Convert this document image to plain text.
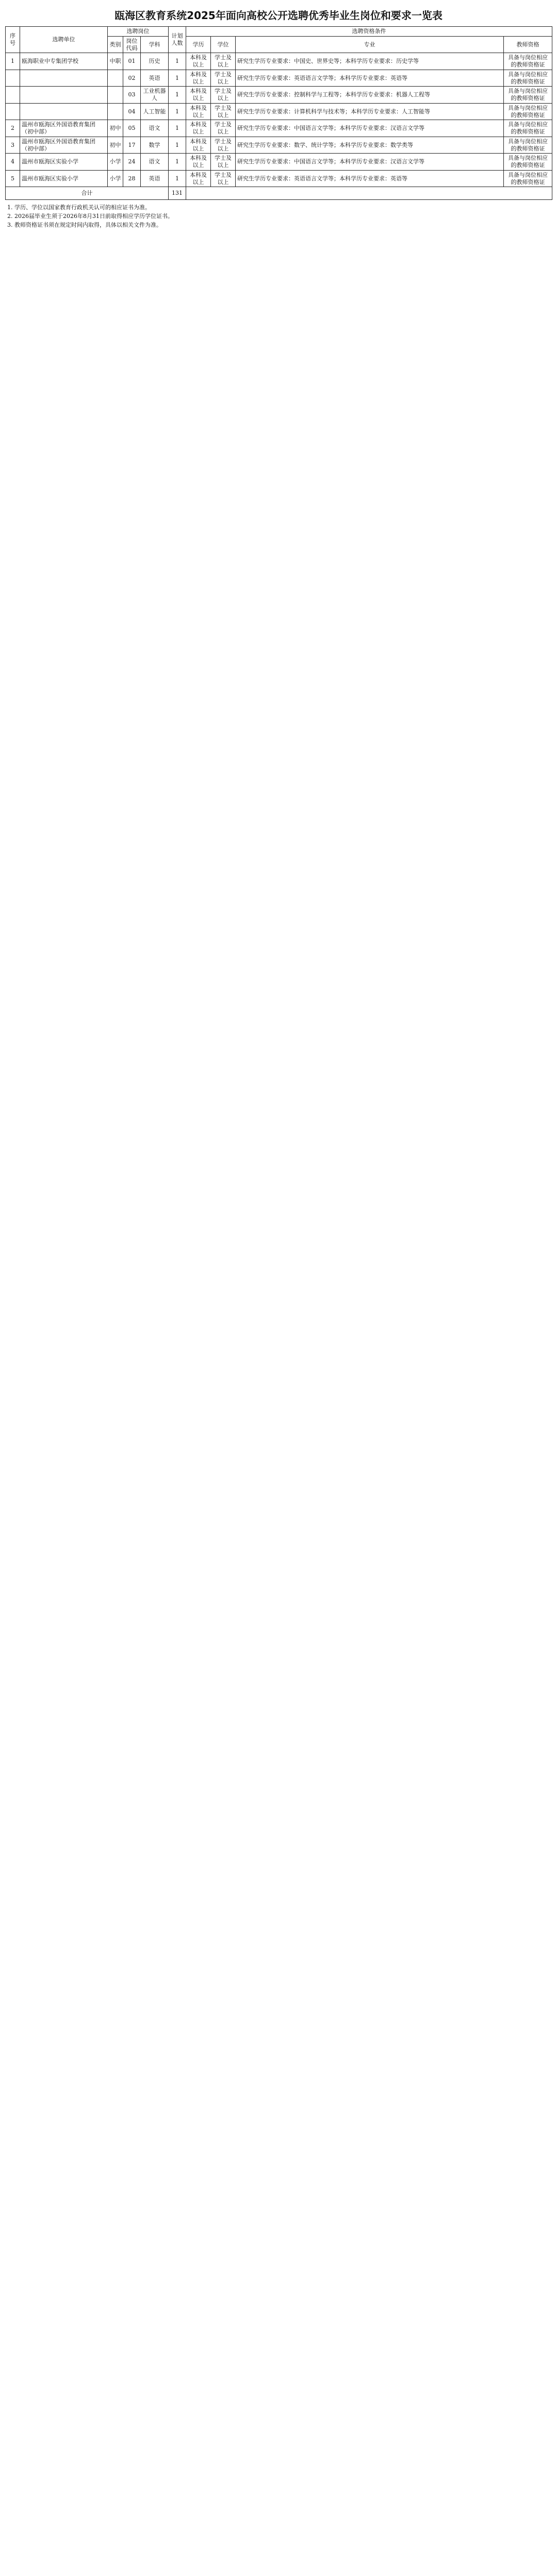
瓯海区教育系统2025年面向高校公开选聘优秀毕业生岗位和要求一览表
序号	选聘单位	选聘岗位			计划人数	选聘资格条件			
		类别	岗位代码	学科		学历	学位	专业	教师资格
1	瓯海职业中专集团学校	中职	01	历史	1	本科及以上	学士及以上	研究生学历专业要求：中国史、世界史等；本科学历专业要求：历史学等	具备与岗位相应的教师资格证
			02	英语	1	本科及以上	学士及以上	研究生学历专业要求：英语语言文学等；本科学历专业要求：英语等	具备与岗位相应的教师资格证
			03	工业机器人	1	本科及以上	学士及以上	研究生学历专业要求：控制科学与工程等；本科学历专业要求：机器人工程等	具备与岗位相应的教师资格证
			04	人工智能	1	本科及以上	学士及以上	研究生学历专业要求：计算机科学与技术等；本科学历专业要求：人工智能等	具备与岗位相应的教师资格证
2	温州市瓯海区外国语教育集团（初中部）	初中	05	语文	1	本科及以上	学士及以上	研究生学历专业要求：中国语言文学等；本科学历专业要求：汉语言文学等	具备与岗位相应的教师资格证
3	温州市瓯海区外国语教育集团（初中部）	初中	17	数学	1	本科及以上	学士及以上	研究生学历专业要求：数学、统计学等；本科学历专业要求：数学类等	具备与岗位相应的教师资格证
4	温州市瓯海区实验小学	小学	24	语文	1	本科及以上	学士及以上	研究生学历专业要求：中国语言文学等；本科学历专业要求：汉语言文学等	具备与岗位相应的教师资格证
5	温州市瓯海区实验小学	小学	28	英语	1	本科及以上	学士及以上	研究生学历专业要求：英语语言文学等；本科学历专业要求：英语等	具备与岗位相应的教师资格证
合计					131				
1. 学历、学位以国家教育行政机关认可的相应证书为准。
2. 2026届毕业生须于2026年8月31日前取得相应学历学位证书。
3. 教师资格证书须在规定时间内取得，具体以相关文件为准。
